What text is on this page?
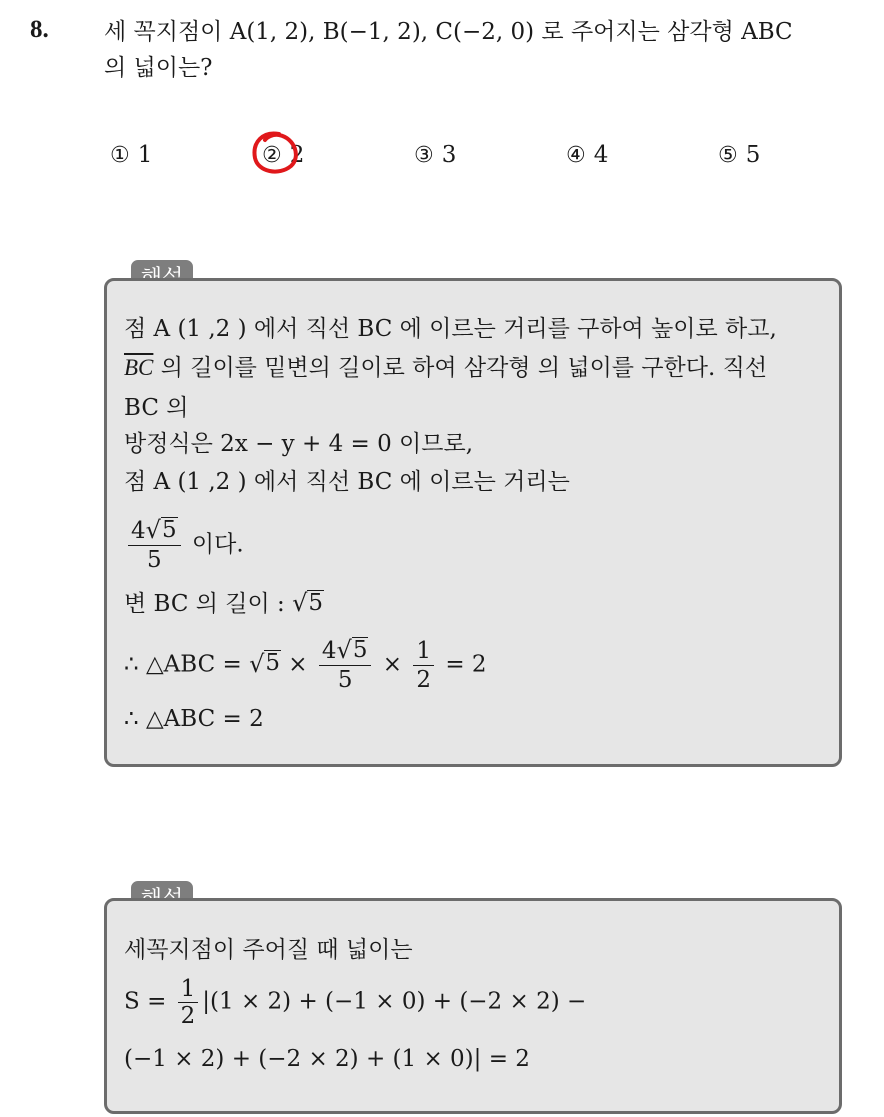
8. 세 꼭지점이 A(1, 2), B(−1, 2), C(−2, 0) 로 주어지는 삼각형 ABC
의 넓이는?
① 1	② 2	③ 3	④ 4	⑤ 5
점 A (1 ,2 ) 에서 직선 BC 에 이르는 거리를 구하여 높이로 하고,
$\overline{BC}$ 의 길이를 밑변의 길이로 하여 삼각형 의 넓이를 구한다. 직선
BC 의
방정식은 2x − y + 4 = 0 이므로,
점 A (1 ,2 ) 에서 직선 BC 에 이르는 거리는
$\frac{4 √ 5}{5}$ 이다.
변 BC 의 길이 : √ 5
∴ △ABC = √ $5 \times \frac{4 √ 5}{5} \times \frac{1}{2} = 2$
∴ △ABC = 2
세꼭지점이 주어질 때 넓이는
$S = \frac{1}{2} |(1 \times 2) + (-1 \times 0) + (-2 \times 2)$ −
(−1 × 2) + (−2 × 2) + (1 × 0)| = 2
